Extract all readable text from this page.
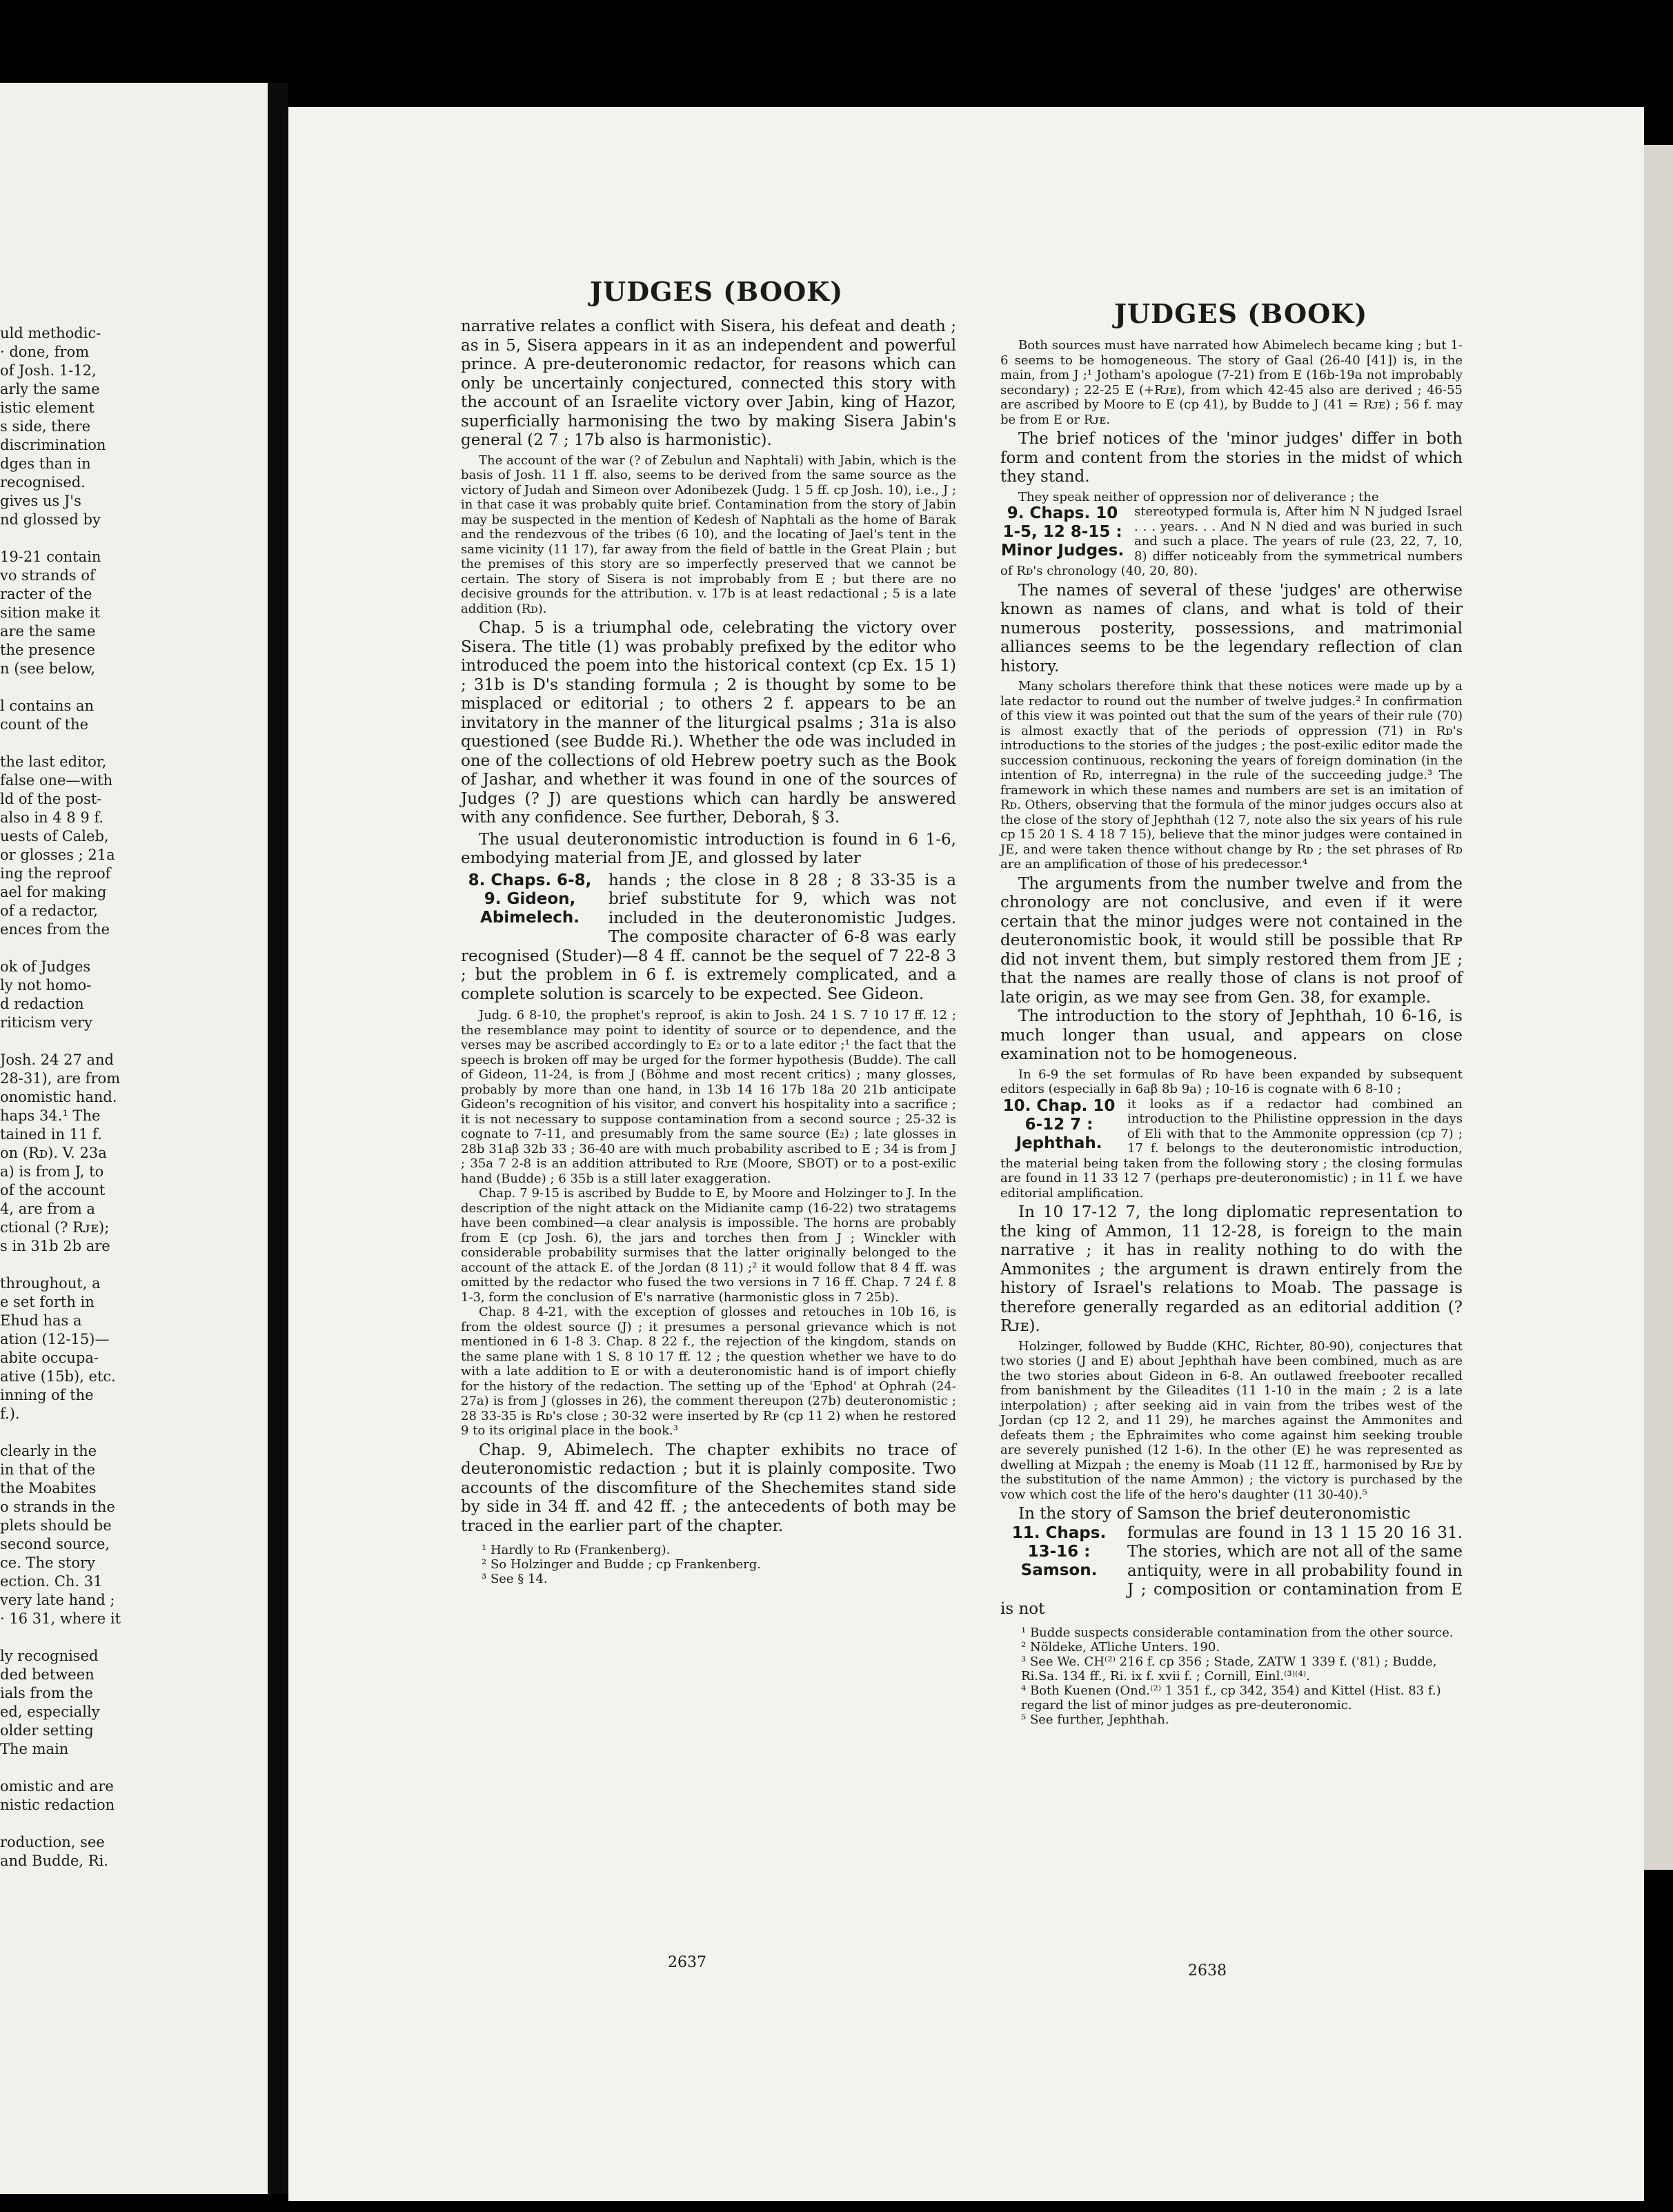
uld methodic-
· done, from
of Josh. 1-12,
arly the same
istic element
s side, there
discrimination
dges than in
recognised.
gives us J's
nd glossed by

19-21 contain
vo strands of
racter of the
sition make it
are the same
the presence
n (see below,

l contains an
count of the

the last editor,
false one—with
ld of the post-
also in 4 8 9 f.
uests of Caleb,
or glosses ; 21a
ing the reproof
ael for making
of a redactor,
ences from the

ok of Judges
ly not homo-
d redaction
riticism very

Josh. 24 27 and
28-31), are from
onomistic hand.
haps 34.¹ The
tained in 11 f.
on (Rᴅ). V. 23a
a) is from J, to
of the account
4, are from a
ctional (? Rᴊᴇ);
s in 31b 2b are

throughout, a
e set forth in
Ehud has a
ation (12-15)—
abite occupa-
ative (15b), etc.
inning of the
f.).

clearly in the
in that of the
the Moabites
o strands in the
plets should be
second source,
ce. The story
ection. Ch. 31
very late hand ;
· 16 31, where it

ly recognised
ded between
ials from the
ed, especially
older setting
The main

omistic and are
nistic redaction

roduction, see
and Budde, Ri.
JUDGES (BOOK)
JUDGES (BOOK)

narrative relates a conflict with Sisera, his defeat and death ; as in 5, Sisera appears in it as an independent and powerful prince. A pre-deuteronomic redactor, for reasons which can only be uncertainly conjectured, connected this story with the account of an Israelite victory over Jabin, king of Hazor, superficially harmonising the two by making Sisera Jabin's general (2 7 ; 17b also is harmonistic).

The account of the war (? of Zebulun and Naphtali) with Jabin, which is the basis of Josh. 11 1 ff. also, seems to be derived from the same source as the victory of Judah and Simeon over Adonibezek (Judg. 1 5 ff. cp Josh. 10), i.e., J ; in that case it was probably quite brief. Contamination from the story of Jabin may be suspected in the mention of Kedesh of Naphtali as the home of Barak and the rendezvous of the tribes (6 10), and the locating of Jael's tent in the same vicinity (11 17), far away from the field of battle in the Great Plain ; but the premises of this story are so imperfectly preserved that we cannot be certain. The story of Sisera is not improbably from E ; but there are no decisive grounds for the attribution. v. 17b is at least redactional ; 5 is a late addition (Rᴅ).

Chap. 5 is a triumphal ode, celebrating the victory over Sisera. The title (1) was probably prefixed by the editor who introduced the poem into the historical context (cp Ex. 15 1) ; 31b is D's standing formula ; 2 is thought by some to be misplaced or editorial ; to others 2 f. appears to be an invitatory in the manner of the liturgical psalms ; 31a is also questioned (see Budde Ri.). Whether the ode was included in one of the collections of old Hebrew poetry such as the Book of Jashar, and whether it was found in one of the sources of Judges (? J) are questions which can hardly be answered with any confidence. See further, Deborah, § 3.

The usual deuteronomistic introduction is found in 6 1-6, embodying material from JE, and glossed by later

8. Chaps. 6-8, 9. Gideon, Abimelech.

hands ; the close in 8 28 ; 8 33-35 is a brief substitute for 9, which was not included in the deuteronomistic Judges. The composite character of 6-8 was early recognised (Studer)—8 4 ff. cannot be the sequel of 7 22-8 3 ; but the problem in 6 f. is extremely complicated, and a complete solution is scarcely to be expected. See Gideon.

Judg. 6 8-10, the prophet's reproof, is akin to Josh. 24 1 S. 7 10 17 ff. 12 ; the resemblance may point to identity of source or to dependence, and the verses may be ascribed accordingly to E₂ or to a late editor ;¹ the fact that the speech is broken off may be urged for the former hypothesis (Budde). The call of Gideon, 11-24, is from J (Böhme and most recent critics) ; many glosses, probably by more than one hand, in 13b 14 16 17b 18a 20 21b anticipate Gideon's recognition of his visitor, and convert his hospitality into a sacrifice ; it is not necessary to suppose contamination from a second source ; 25-32 is cognate to 7-11, and presumably from the same source (E₂) ; late glosses in 28b 31aβ 32b 33 ; 36-40 are with much probability ascribed to E ; 34 is from J ; 35a 7 2-8 is an addition attributed to Rᴊᴇ (Moore, SBOT) or to a post-exilic hand (Budde) ; 6 35b is a still later exaggeration.

Chap. 7 9-15 is ascribed by Budde to E, by Moore and Holzinger to J. In the description of the night attack on the Midianite camp (16-22) two stratagems have been combined—a clear analysis is impossible. The horns are probably from E (cp Josh. 6), the jars and torches then from J ; Winckler with considerable probability surmises that the latter originally belonged to the account of the attack E. of the Jordan (8 11) ;² it would follow that 8 4 ff. was omitted by the redactor who fused the two versions in 7 16 ff. Chap. 7 24 f. 8 1-3, form the conclusion of E's narrative (harmonistic gloss in 7 25b).

Chap. 8 4-21, with the exception of glosses and retouches in 10b 16, is from the oldest source (J) ; it presumes a personal grievance which is not mentioned in 6 1-8 3. Chap. 8 22 f., the rejection of the kingdom, stands on the same plane with 1 S. 8 10 17 ff. 12 ; the question whether we have to do with a late addition to E or with a deuteronomistic hand is of import chiefly for the history of the redaction. The setting up of the 'Ephod' at Ophrah (24-27a) is from J (glosses in 26), the comment thereupon (27b) deuteronomistic ; 28 33-35 is Rᴅ's close ; 30-32 were inserted by Rᴘ (cp 11 2) when he restored 9 to its original place in the book.³

Chap. 9, Abimelech. The chapter exhibits no trace of deuteronomistic redaction ; but it is plainly composite. Two accounts of the discomfiture of the Shechemites stand side by side in 34 ff. and 42 ff. ; the antecedents of both may be traced in the earlier part of the chapter.

¹ Hardly to Rᴅ (Frankenberg).

² So Holzinger and Budde ; cp Frankenberg.

³ See § 14.

Both sources must have narrated how Abimelech became king ; but 1-6 seems to be homogeneous. The story of Gaal (26-40 [41]) is, in the main, from J ;¹ Jotham's apologue (7-21) from E (16b-19a not improbably secondary) ; 22-25 E (+Rᴊᴇ), from which 42-45 also are derived ; 46-55 are ascribed by Moore to E (cp 41), by Budde to J (41 = Rᴊᴇ) ; 56 f. may be from E or Rᴊᴇ.

The brief notices of the 'minor judges' differ in both form and content from the stories in the midst of which they stand.

They speak neither of oppression nor of deliverance ; the

9. Chaps. 10 1-5, 12 8-15 : Minor Judges.

stereotyped formula is, After him N N judged Israel . . . years. . . And N N died and was buried in such and such a place. The years of rule (23, 22, 7, 10, 8) differ noticeably from the symmetrical numbers of Rᴅ's chronology (40, 20, 80).

The names of several of these 'judges' are otherwise known as names of clans, and what is told of their numerous posterity, possessions, and matrimonial alliances seems to be the legendary reflection of clan history.

Many scholars therefore think that these notices were made up by a late redactor to round out the number of twelve judges.² In confirmation of this view it was pointed out that the sum of the years of their rule (70) is almost exactly that of the periods of oppression (71) in Rᴅ's introductions to the stories of the judges ; the post-exilic editor made the succession continuous, reckoning the years of foreign domination (in the intention of Rᴅ, interregna) in the rule of the succeeding judge.³ The framework in which these names and numbers are set is an imitation of Rᴅ. Others, observing that the formula of the minor judges occurs also at the close of the story of Jephthah (12 7, note also the six years of his rule cp 15 20 1 S. 4 18 7 15), believe that the minor judges were contained in JE, and were taken thence without change by Rᴅ ; the set phrases of Rᴅ are an amplification of those of his predecessor.⁴

The arguments from the number twelve and from the chronology are not conclusive, and even if it were certain that the minor judges were not contained in the deuteronomistic book, it would still be possible that Rᴘ did not invent them, but simply restored them from JE ; that the names are really those of clans is not proof of late origin, as we may see from Gen. 38, for example.

The introduction to the story of Jephthah, 10 6-16, is much longer than usual, and appears on close examination not to be homogeneous.

In 6-9 the set formulas of Rᴅ have been expanded by subsequent editors (especially in 6aβ 8b 9a) ; 10-16 is cognate with 6 8-10 ;

10. Chap. 10 6-12 7 : Jephthah.

it looks as if a redactor had combined an introduction to the Philistine oppression in the days of Eli with that to the Ammonite oppression (cp 7) ; 17 f. belongs to the deuteronomistic introduction, the material being taken from the following story ; the closing formulas are found in 11 33 12 7 (perhaps pre-deuteronomistic) ; in 11 f. we have editorial amplification.

In 10 17-12 7, the long diplomatic representation to the king of Ammon, 11 12-28, is foreign to the main narrative ; it has in reality nothing to do with the Ammonites ; the argument is drawn entirely from the history of Israel's relations to Moab. The passage is therefore generally regarded as an editorial addition (? Rᴊᴇ).

Holzinger, followed by Budde (KHC, Richter, 80-90), conjectures that two stories (J and E) about Jephthah have been combined, much as are the two stories about Gideon in 6-8. An outlawed freebooter recalled from banishment by the Gileadites (11 1-10 in the main ; 2 is a late interpolation) ; after seeking aid in vain from the tribes west of the Jordan (cp 12 2, and 11 29), he marches against the Ammonites and defeats them ; the Ephraimites who come against him seeking trouble are severely punished (12 1-6). In the other (E) he was represented as dwelling at Mizpah ; the enemy is Moab (11 12 ff., harmonised by Rᴊᴇ by the substitution of the name Ammon) ; the victory is purchased by the vow which cost the life of the hero's daughter (11 30-40).⁵

In the story of Samson the brief deuteronomistic

11. Chaps. 13-16 : Samson.

formulas are found in 13 1 15 20 16 31. The stories, which are not all of the same antiquity, were in all probability found in J ; composition or contamination from E is not

¹ Budde suspects considerable contamination from the other source.

² Nöldeke, ATliche Unters. 190.

³ See We. CH⁽²⁾ 216 f. cp 356 ; Stade, ZATW 1 339 f. ('81) ; Budde, Ri.Sa. 134 ff., Ri. ix f. xvii f. ; Cornill, Einl.⁽³⁾⁽⁴⁾.

⁴ Both Kuenen (Ond.⁽²⁾ 1 351 f., cp 342, 354) and Kittel (Hist. 83 f.) regard the list of minor judges as pre-deuteronomic.

⁵ See further, Jephthah.

2637	2638
